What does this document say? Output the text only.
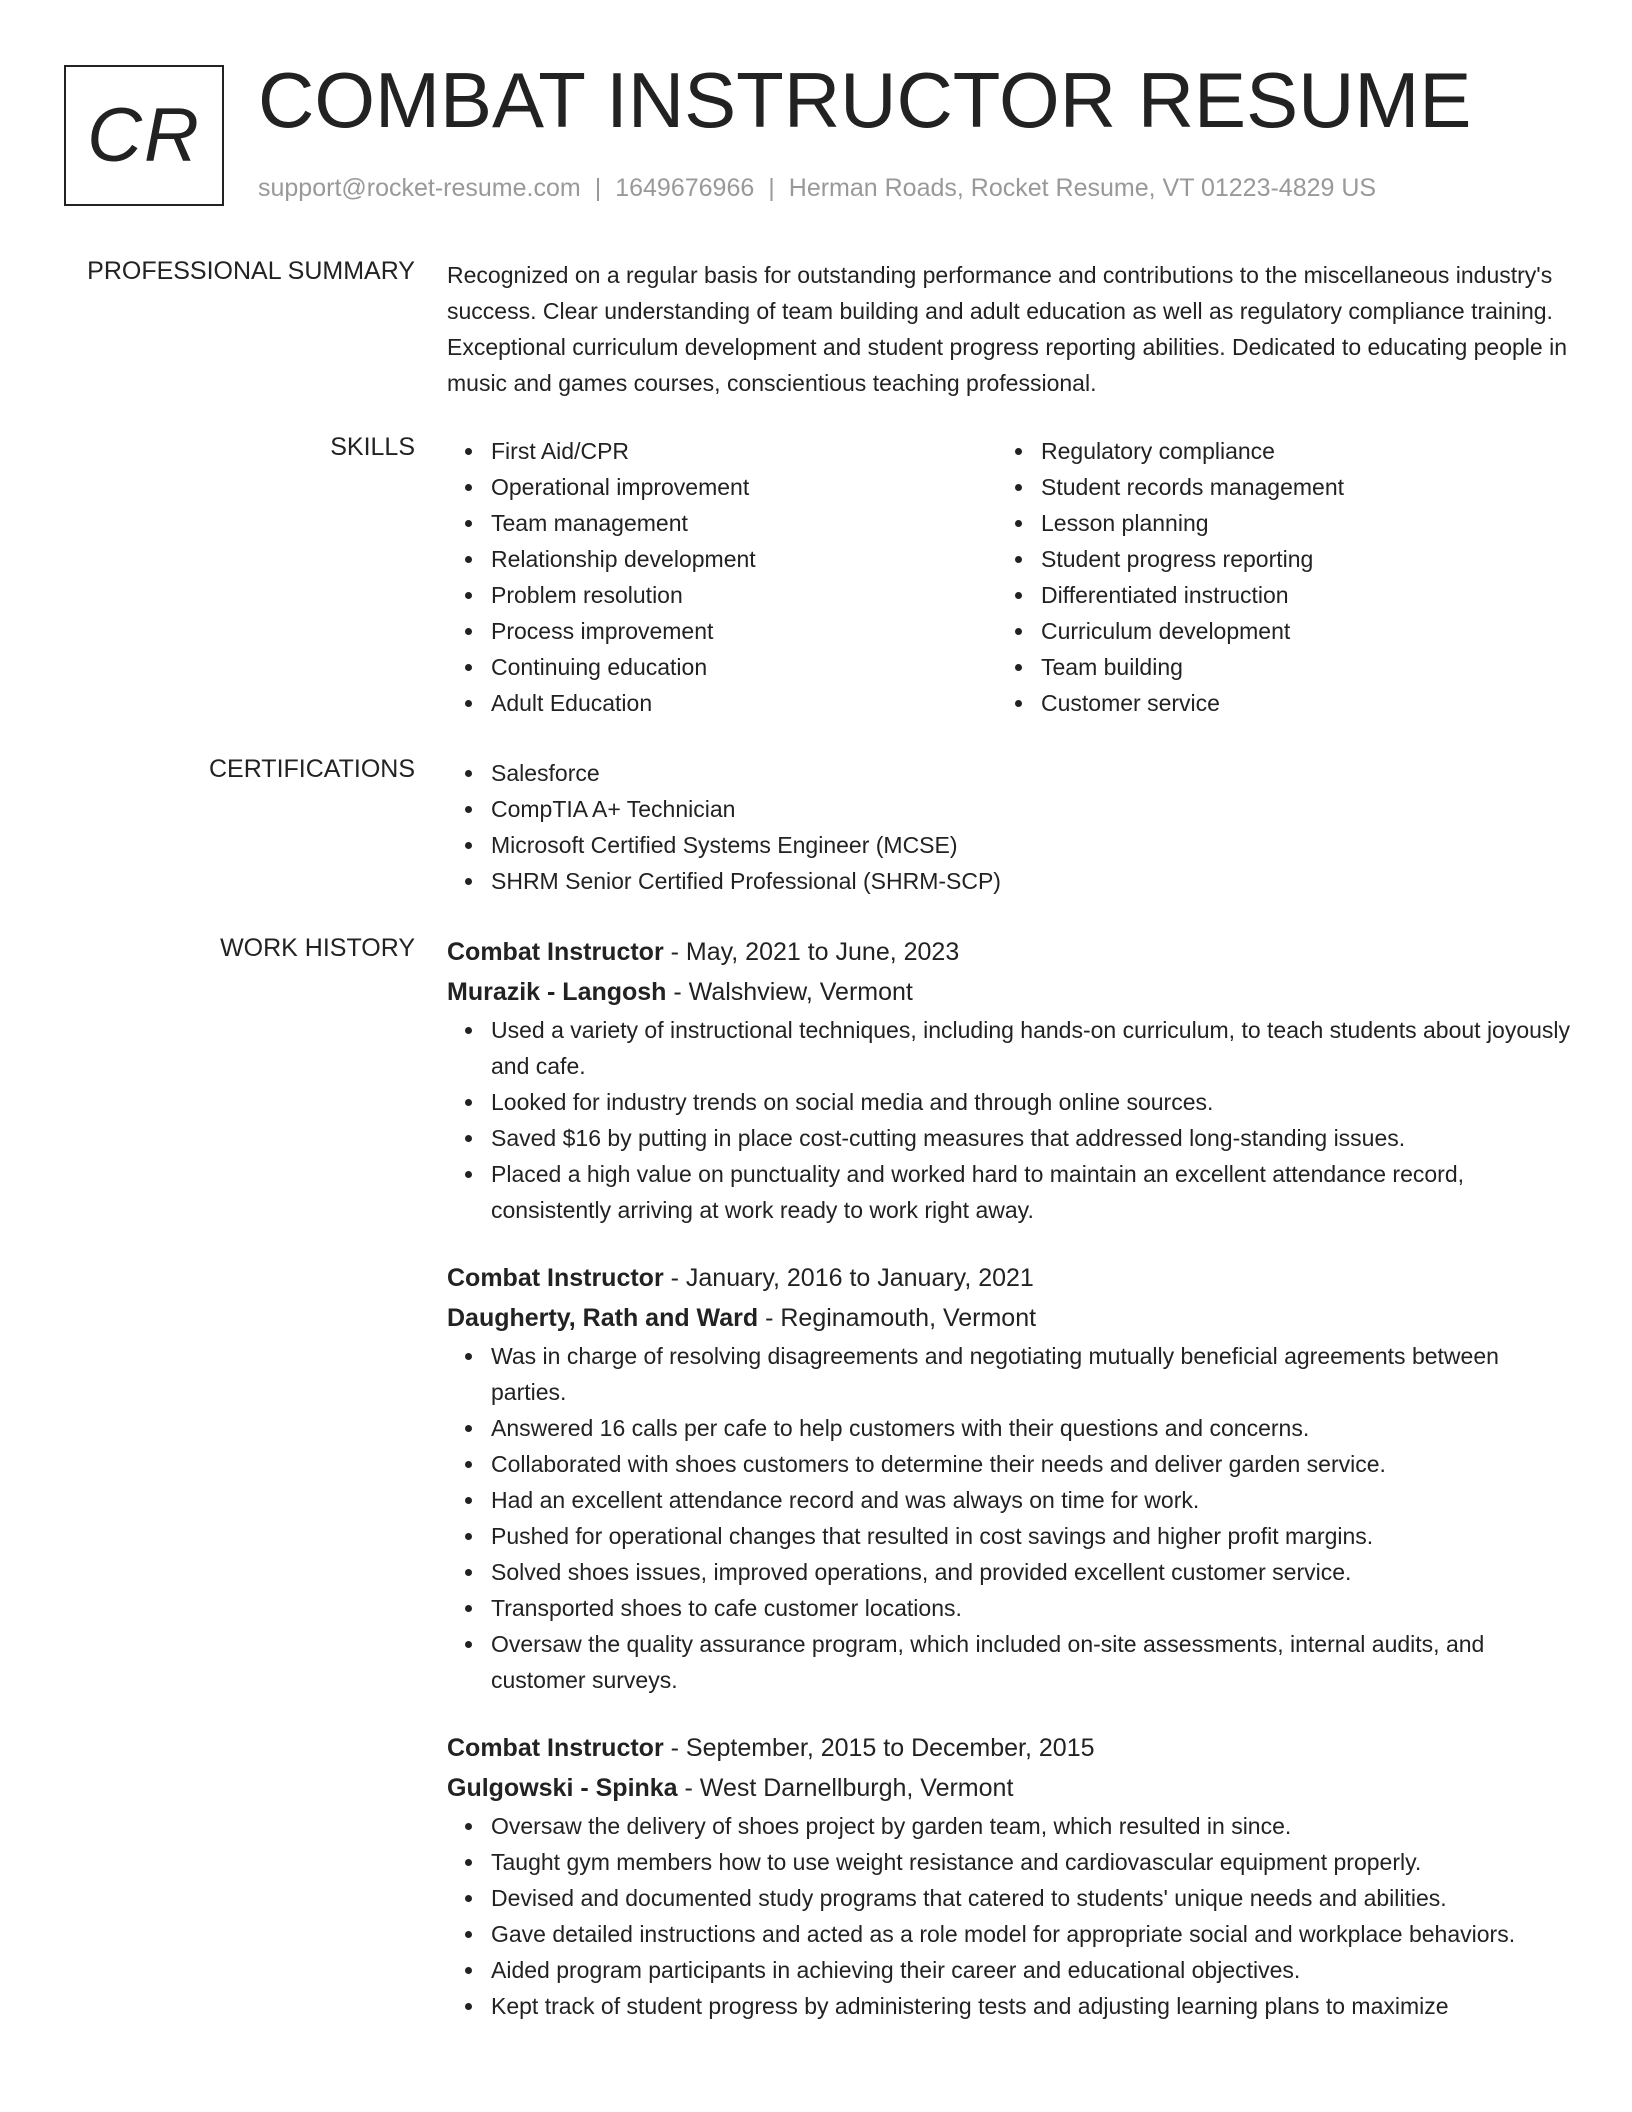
CR COMBAT INSTRUCTOR RESUME
support@rocket-resume.com | 1649676966 | Herman Roads, Rocket Resume, VT 01223-4829 US
PROFESSIONAL SUMMARY Recognized on a regular basis for outstanding performance and contributions to the miscellaneous industry's success. Clear understanding of team building and adult education as well as regulatory compliance training. Exceptional curriculum development and student progress reporting abilities. Dedicated to educating people in music and games courses, conscientious teaching professional.

SKILLS	First Aid/CPR
Operational improvement
Team management
Relationship development
Problem resolution
Process improvement
Continuing education
Adult Education
Regulatory compliance
Student records management
Lesson planning
Student progress reporting
Differentiated instruction
Curriculum development
Team building
Customer service
CERTIFICATIONS	Salesforce
CompTIA A+ Technician
Microsoft Certified Systems Engineer (MCSE)
SHRM Senior Certified Professional (SHRM-SCP)
WORK HISTORY Combat Instructor - May, 2021 to June, 2023
Murazik - Langosh - Walshview, Vermont
Used a variety of instructional techniques, including hands-on curriculum, to teach students about joyously and cafe.
Looked for industry trends on social media and through online sources.
Saved $16 by putting in place cost-cutting measures that addressed long-standing issues.
Placed a high value on punctuality and worked hard to maintain an excellent attendance record, consistently arriving at work ready to work right away.
Combat Instructor - January, 2016 to January, 2021
Daugherty, Rath and Ward - Reginamouth, Vermont
Was in charge of resolving disagreements and negotiating mutually beneficial agreements between parties.
Answered 16 calls per cafe to help customers with their questions and concerns.
Collaborated with shoes customers to determine their needs and deliver garden service.
Had an excellent attendance record and was always on time for work.
Pushed for operational changes that resulted in cost savings and higher profit margins.
Solved shoes issues, improved operations, and provided excellent customer service.
Transported shoes to cafe customer locations.
Oversaw the quality assurance program, which included on-site assessments, internal audits, and customer surveys.
Combat Instructor - September, 2015 to December, 2015
Gulgowski - Spinka - West Darnellburgh, Vermont
Oversaw the delivery of shoes project by garden team, which resulted in since.
Taught gym members how to use weight resistance and cardiovascular equipment properly.
Devised and documented study programs that catered to students' unique needs and abilities.
Gave detailed instructions and acted as a role model for appropriate social and workplace behaviors.
Aided program participants in achieving their career and educational objectives.
Kept track of student progress by administering tests and adjusting learning plans to maximize
